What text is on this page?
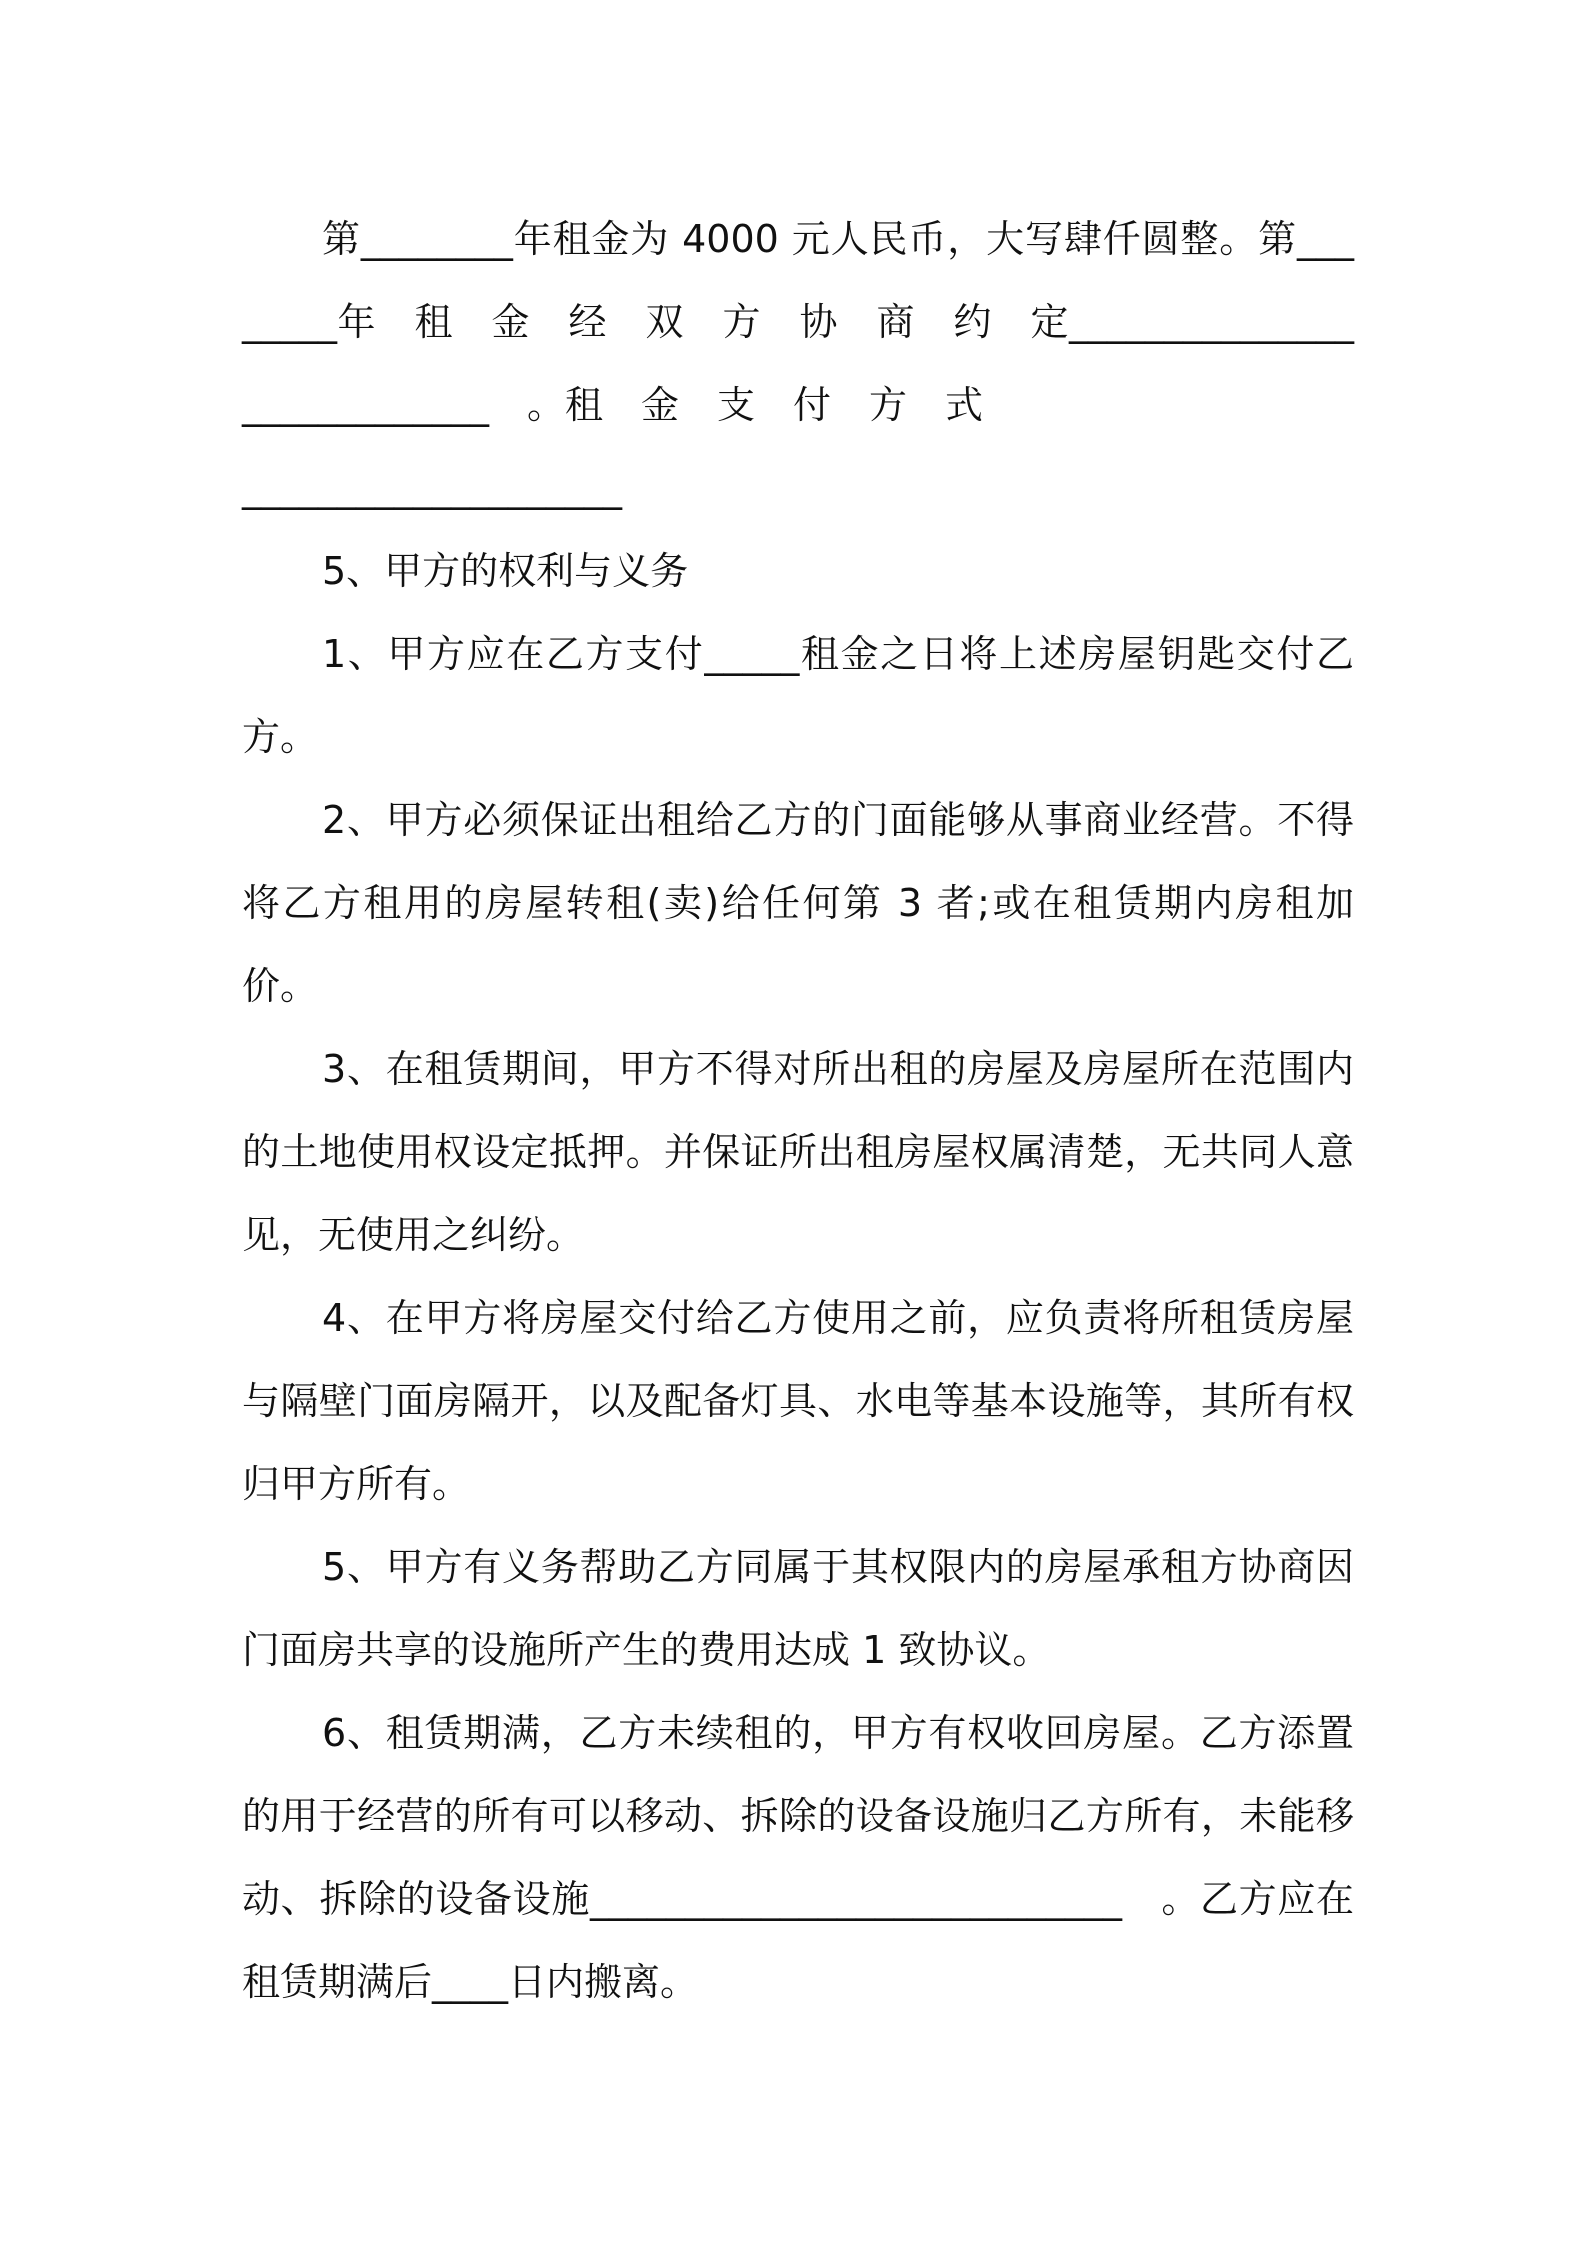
第________年租金为 4000 元人民币，大写肆仟圆整。第________年　租　金　经　双　方　协　商　约　定____________________________　。租　金　支　付　方　式

____________________

5、甲方的权利与义务

1、甲方应在乙方支付_____租金之日将上述房屋钥匙交付乙方。

2、甲方必须保证出租给乙方的门面能够从事商业经营。不得将乙方租用的房屋转租(卖)给任何第 3 者;或在租赁期内房租加价。

3、在租赁期间，甲方不得对所出租的房屋及房屋所在范围内的土地使用权设定抵押。并保证所出租房屋权属清楚，无共同人意见，无使用之纠纷。

4、在甲方将房屋交付给乙方使用之前，应负责将所租赁房屋与隔壁门面房隔开，以及配备灯具、水电等基本设施等，其所有权归甲方所有。

5、甲方有义务帮助乙方同属于其权限内的房屋承租方协商因门面房共享的设施所产生的费用达成 1 致协议。

6、租赁期满，乙方未续租的，甲方有权收回房屋。乙方添置的用于经营的所有可以移动、拆除的设备设施归乙方所有，未能移动、拆除的设备设施____________________________　。乙方应在租赁期满后____日内搬离。
